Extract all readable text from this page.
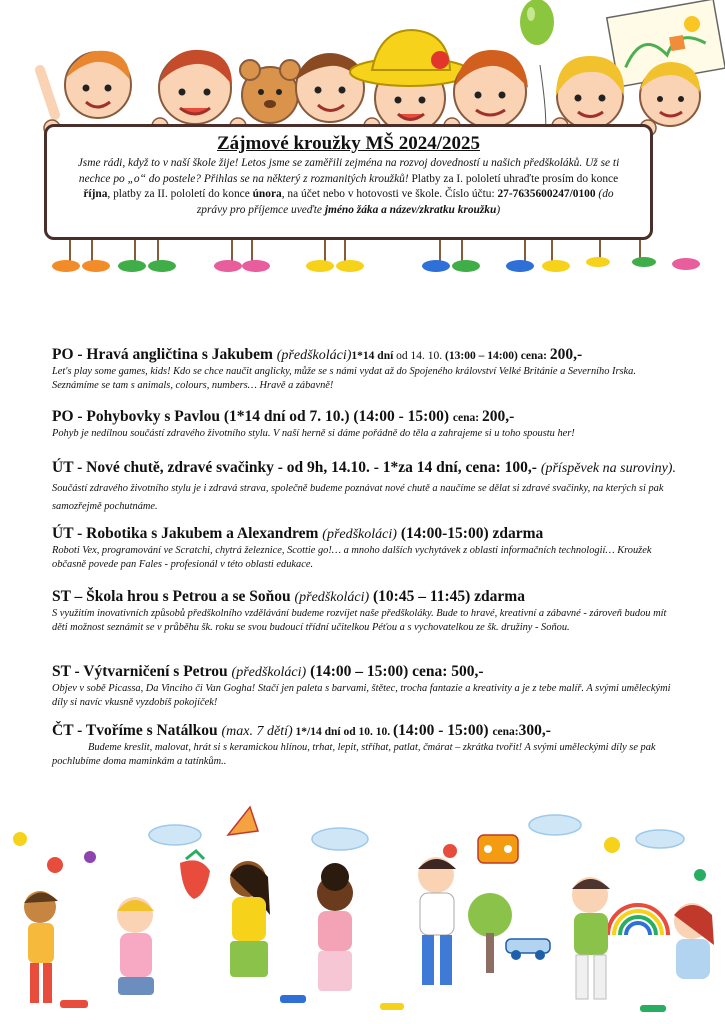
Zájmové kroužky MŠ 2024/2025

Jsme rádi, když to v naší škole žije! Letos jsme se zaměřili zejména na rozvoj dovedností u našich předškoláků. Už se ti nechce po „o“ do postele? Přihlas se na některý z rozmanitých kroužků! Platby za I. pololetí uhraďte prosím do konce října, platby za II. pololetí do konce února, na účet nebo v hotovosti ve škole. Číslo účtu: 27-7635600247/0100 (do zprávy pro příjemce uveďte jméno žáka a název/zkratku kroužku)

PO - Hravá angličtina s Jakubem (předškoláci)1*14 dní od 14. 10. (13:00 – 14:00) cena: 200,-

Let's play some games, kids! Kdo se chce naučit anglicky, může se s námi vydat až do Spojeného království Velké Británie a Severního Irska. Seznámíme se tam s animals, colours, numbers… Hravě a zábavně!

PO - Pohybovky s Pavlou (1*14 dní od 7. 10.) (14:00 - 15:00) cena: 200,-

Pohyb je nedílnou součástí zdravého životního stylu. V naší herně si dáme pořádně do těla a zahrajeme si u toho spoustu her!

ÚT - Nové chutě, zdravé svačinky - od 9h, 14.10. - 1*za 14 dní, cena: 100,- (příspěvek na suroviny).

Součástí zdravého životního stylu je i zdravá strava, společně budeme poznávat nové chutě a naučíme se dělat si zdravé svačinky, na kterých si pak samozřejmě pochutnáme.

ÚT - Robotika s Jakubem a Alexandrem (předškoláci) (14:00-15:00) zdarma

Roboti Vex, programování ve Scratchi, chytrá železnice, Scottie go!… a mnoho dalších vychytávek z oblasti informačních technologií… Kroužek občasně povede pan Fales - profesionál v této oblasti edukace.

ST – Škola hrou s Petrou a se Soňou (předškoláci) (10:45 – 11:45) zdarma

S využitím inovativních způsobů předškolního vzdělávání budeme rozvíjet naše předškoláky. Bude to hravé, kreativní a zábavné - zároveň budou mít děti možnost seznámit se v průběhu šk. roku se svou budoucí třídní učitelkou Péťou a s vychovatelkou ze šk. družiny - Soňou.

ST - Výtvarničení s Petrou (předškoláci) (14:00 – 15:00) cena: 500,-

Objev v sobě Picassa, Da Vinciho či Van Gogha! Stačí jen paleta s barvami, štětec, trocha fantazie a kreativity a je z tebe malíř. A svými uměleckými díly si navíc vkusně vyzdobíš pokojíček!

ČT - Tvoříme s Natálkou (max. 7 dětí) 1*/14 dní od 10. 10. (14:00 - 15:00) cena:300,-

Budeme kreslit, malovat, hrát si s keramickou hlínou, trhat, lepit, stříhat, patlat, čmárat – zkrátka tvořit! A svými uměleckými díly se pak pochlubíme doma maminkám a tatínkům..
